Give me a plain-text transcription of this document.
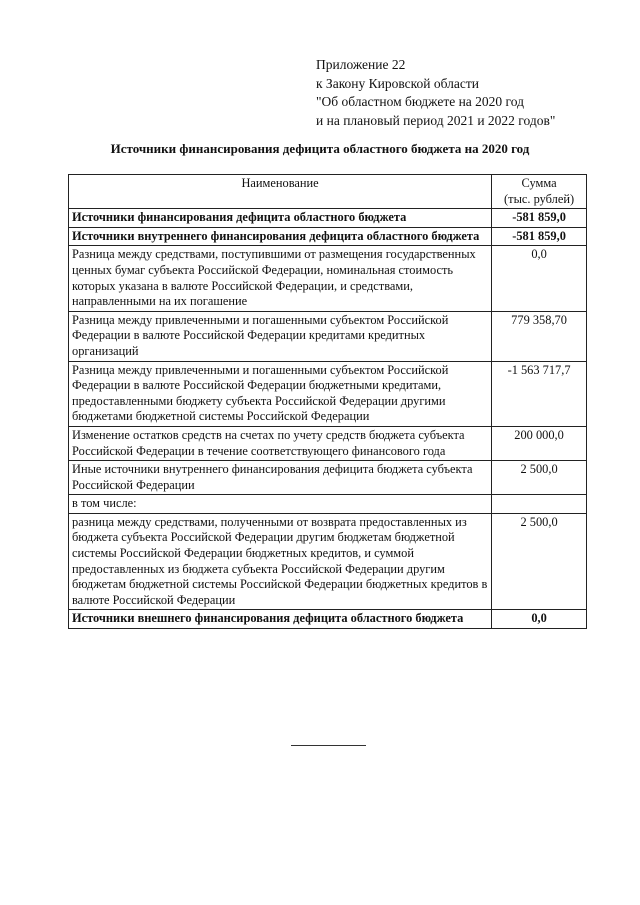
Приложение 22
к Закону Кировской области
"Об областном бюджете на 2020 год
и на плановый период 2021 и 2022 годов"
Источники финансирования дефицита областного бюджета на 2020 год
Наименование	Сумма
(тыс. рублей)

Источники финансирования дефицита областного бюджета	-581 859,0
Источники внутреннего финансирования дефицита областного бюджета	-581 859,0
Разница между средствами, поступившими от размещения государственных ценных бумаг субъекта Российской Федерации, номинальная стоимость которых указана в валюте Российской Федерации, и средствами, направленными на их погашение	0,0
Разница между привлеченными и погашенными субъектом Российской Федерации в валюте Российской Федерации кредитами кредитных организаций	779 358,70
Разница между привлеченными и погашенными субъектом Российской Федерации в валюте Российской Федерации бюджетными кредитами, предоставленными бюджету субъекта Российской Федерации другими бюджетами бюджетной системы Российской Федерации	-1 563 717,7
Изменение остатков средств на счетах по учету средств бюджета субъекта Российской Федерации в течение соответствующего финансового года	200 000,0
Иные источники внутреннего финансирования дефицита бюджета субъекта Российской Федерации	2 500,0
в том числе:	
разница между средствами, полученными от возврата предоставленных из бюджета субъекта Российской Федерации другим бюджетам бюджетной системы Российской Федерации бюджетных кредитов, и суммой предоставленных из бюджета субъекта Российской Федерации другим бюджетам бюджетной системы Российской Федерации бюджетных кредитов в валюте Российской Федерации	2 500,0
Источники внешнего финансирования дефицита областного бюджета	0,0
